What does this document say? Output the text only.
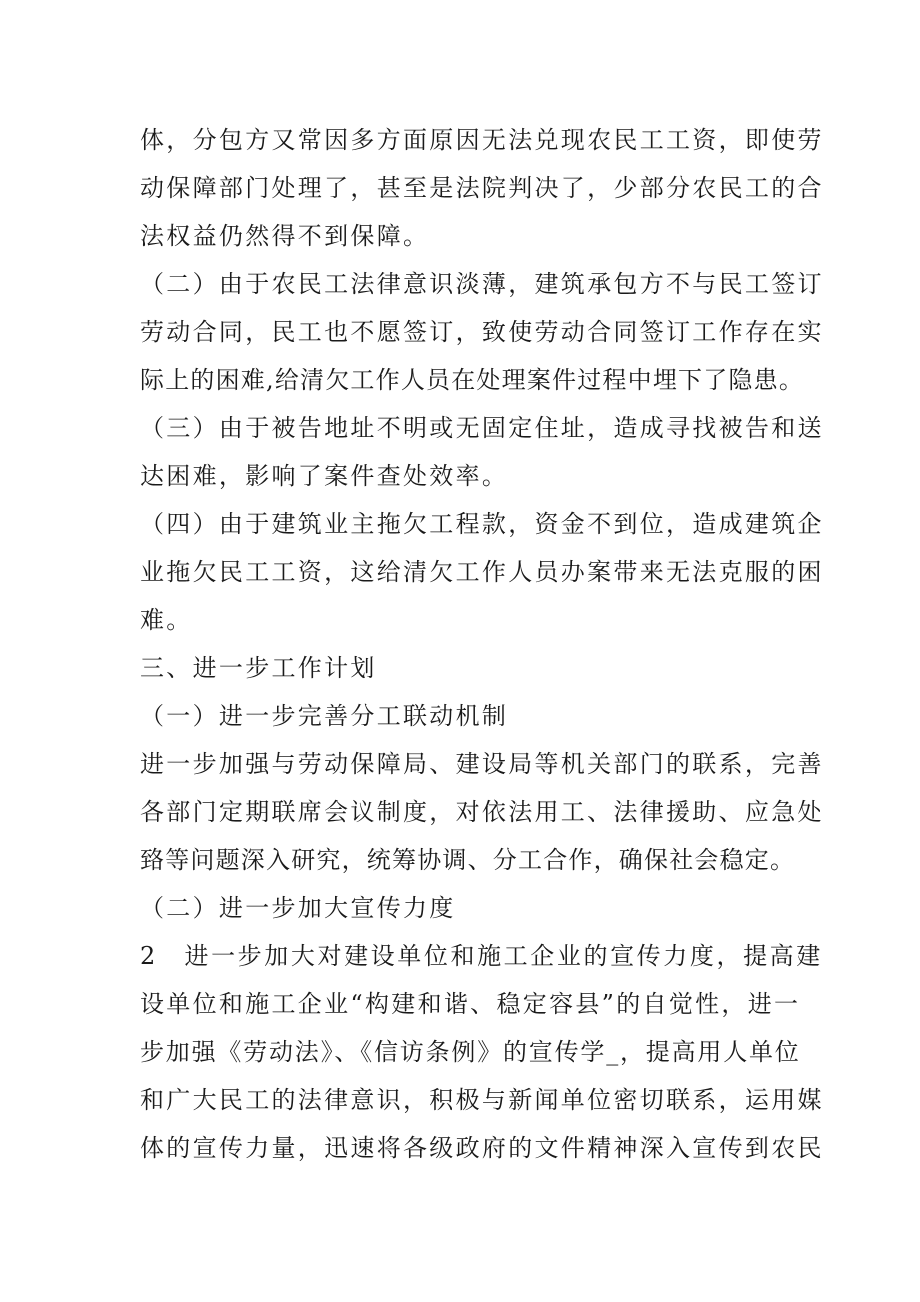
体，分包方又常因多方面原因无法兑现农民工工资，即使劳
动保障部门处理了，甚至是法院判决了，少部分农民工的合
法权益仍然得不到保障。
（二）由于农民工法律意识淡薄，建筑承包方不与民工签订
劳动合同，民工也不愿签订，致使劳动合同签订工作存在实
际上的困难,给清欠工作人员在处理案件过程中埋下了隐患。
（三）由于被告地址不明或无固定住址，造成寻找被告和送
达困难，影响了案件查处效率。
（四）由于建筑业主拖欠工程款，资金不到位，造成建筑企
业拖欠民工工资，这给清欠工作人员办案带来无法克服的困
难。
三、进一步工作计划
（一）进一步完善分工联动机制
进一步加强与劳动保障局、建设局等机关部门的联系，完善
各部门定期联席会议制度，对依法用工、法律援助、应急处
臵等问题深入研究，统筹协调、分工合作，确保社会稳定。
（二）进一步加大宣传力度
2　进一步加大对建设单位和施工企业的宣传力度，提高建
设单位和施工企业“构建和谐、稳定容县”的自觉性，进一
步加强《劳动法》、《信访条例》的宣传学_，提高用人单位
和广大民工的法律意识，积极与新闻单位密切联系，运用媒
体的宣传力量，迅速将各级政府的文件精神深入宣传到农民
